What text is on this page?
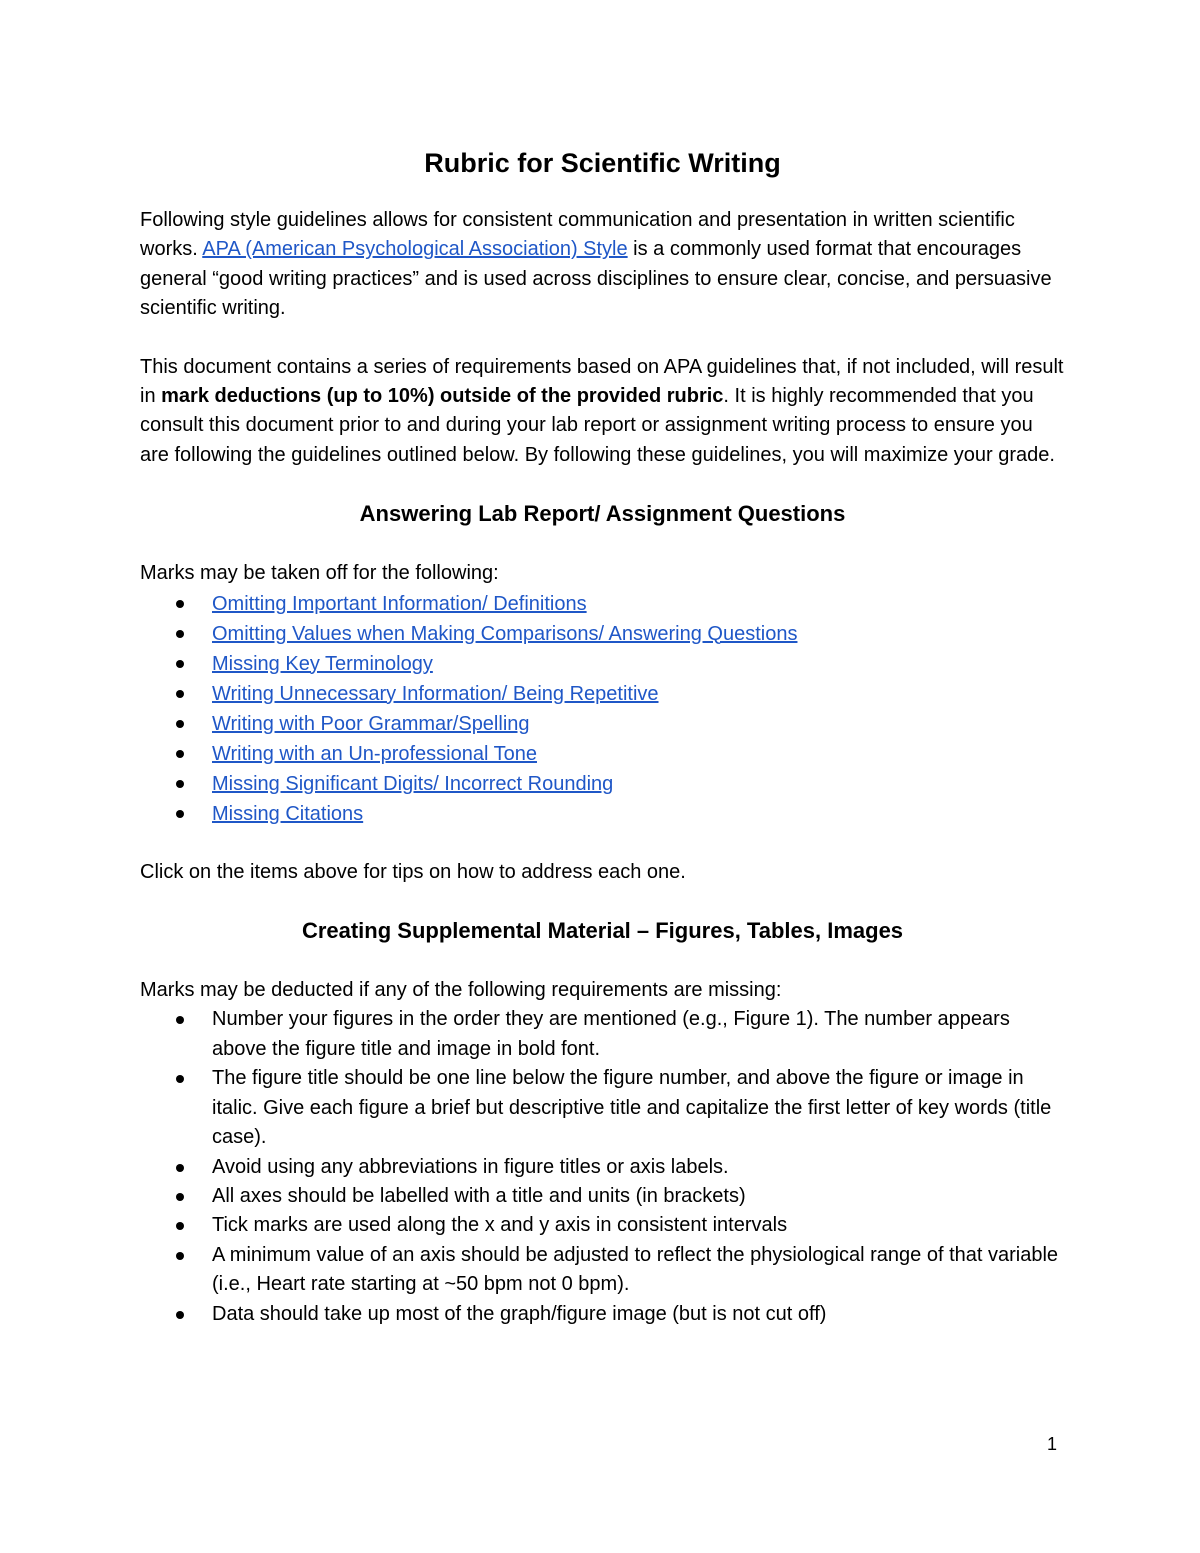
Rubric for Scientific Writing

Following style guidelines allows for consistent communication and presentation in written scientific works. APA (American Psychological Association) Style is a commonly used format that encourages general “good writing practices” and is used across disciplines to ensure clear, concise, and persuasive scientific writing.

This document contains a series of requirements based on APA guidelines that, if not included, will result in mark deductions (up to 10%) outside of the provided rubric. It is highly recommended that you consult this document prior to and during your lab report or assignment writing process to ensure you are following the guidelines outlined below. By following these guidelines, you will maximize your grade.

Answering Lab Report/ Assignment Questions

Marks may be taken off for the following:

Omitting Important Information/ Definitions
Omitting Values when Making Comparisons/ Answering Questions
Missing Key Terminology
Writing Unnecessary Information/ Being Repetitive
Writing with Poor Grammar/Spelling
Writing with an Un-professional Tone
Missing Significant Digits/ Incorrect Rounding
Missing Citations

Click on the items above for tips on how to address each one.

Creating Supplemental Material – Figures, Tables, Images

Marks may be deducted if any of the following requirements are missing:

Number your figures in the order they are mentioned (e.g., Figure 1). The number appears above the figure title and image in bold font.
The figure title should be one line below the figure number, and above the figure or image in italic. Give each figure a brief but descriptive title and capitalize the first letter of key words (title case).
Avoid using any abbreviations in figure titles or axis labels.
All axes should be labelled with a title and units (in brackets)
Tick marks are used along the x and y axis in consistent intervals
A minimum value of an axis should be adjusted to reflect the physiological range of that variable (i.e., Heart rate starting at ~50 bpm not 0 bpm).
Data should take up most of the graph/figure image (but is not cut off)
1
